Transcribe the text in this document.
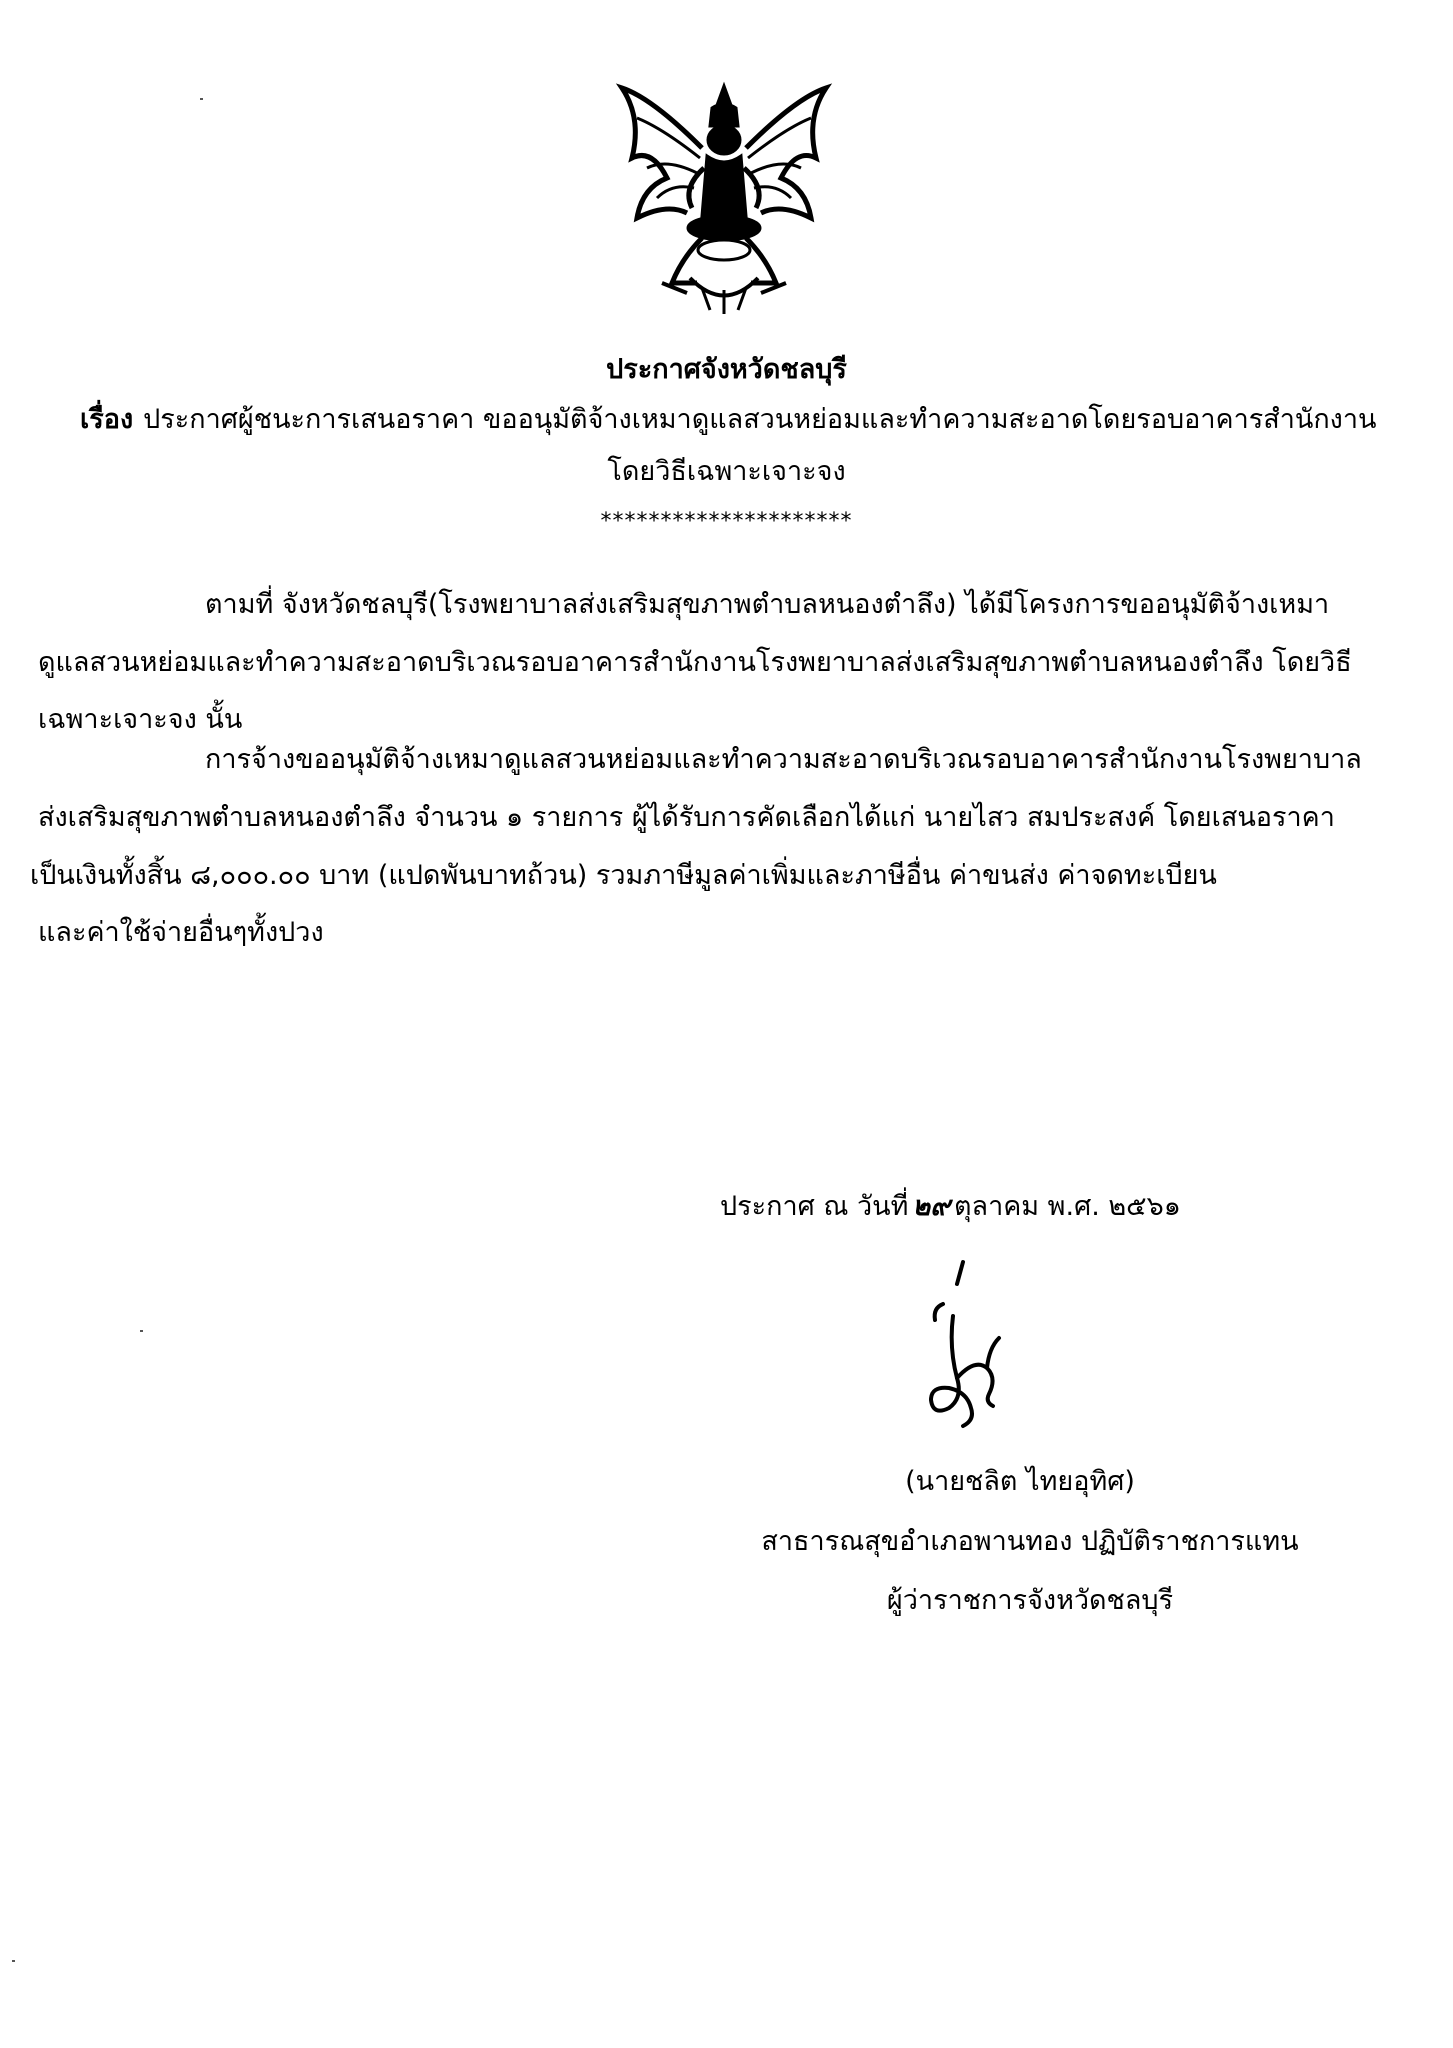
ประกาศจังหวัดชลบุรี
เรื่อง ประกาศผู้ชนะการเสนอราคา ขออนุมัติจ้างเหมาดูแลสวนหย่อมและทำความสะอาดโดยรอบอาคารสำนักงาน
โดยวิธีเฉพาะเจาะจง
*********************
ตามที่ จังหวัดชลบุรี(โรงพยาบาลส่งเสริมสุขภาพตำบลหนองตำลึง) ได้มีโครงการขออนุมัติจ้างเหมา
ดูแลสวนหย่อมและทำความสะอาดบริเวณรอบอาคารสำนักงานโรงพยาบาลส่งเสริมสุขภาพตำบลหนองตำลึง โดยวิธี
เฉพาะเจาะจง นั้น
การจ้างขออนุมัติจ้างเหมาดูแลสวนหย่อมและทำความสะอาดบริเวณรอบอาคารสำนักงานโรงพยาบาล
ส่งเสริมสุขภาพตำบลหนองตำลึง จำนวน ๑ รายการ ผู้ได้รับการคัดเลือกได้แก่ นายไสว สมประสงค์ โดยเสนอราคา
เป็นเงินทั้งสิ้น ๘,๐๐๐.๐๐ บาท (แปดพันบาทถ้วน) รวมภาษีมูลค่าเพิ่มและภาษีอื่น ค่าขนส่ง ค่าจดทะเบียน
และค่าใช้จ่ายอื่นๆทั้งปวง
ประกาศ ณ วันที่ ๒๙ ตุลาคม พ.ศ. ๒๕๖๑
(นายชลิต ไทยอุทิศ)
สาธารณสุขอำเภอพานทอง ปฏิบัติราชการแทน
ผู้ว่าราชการจังหวัดชลบุรี
